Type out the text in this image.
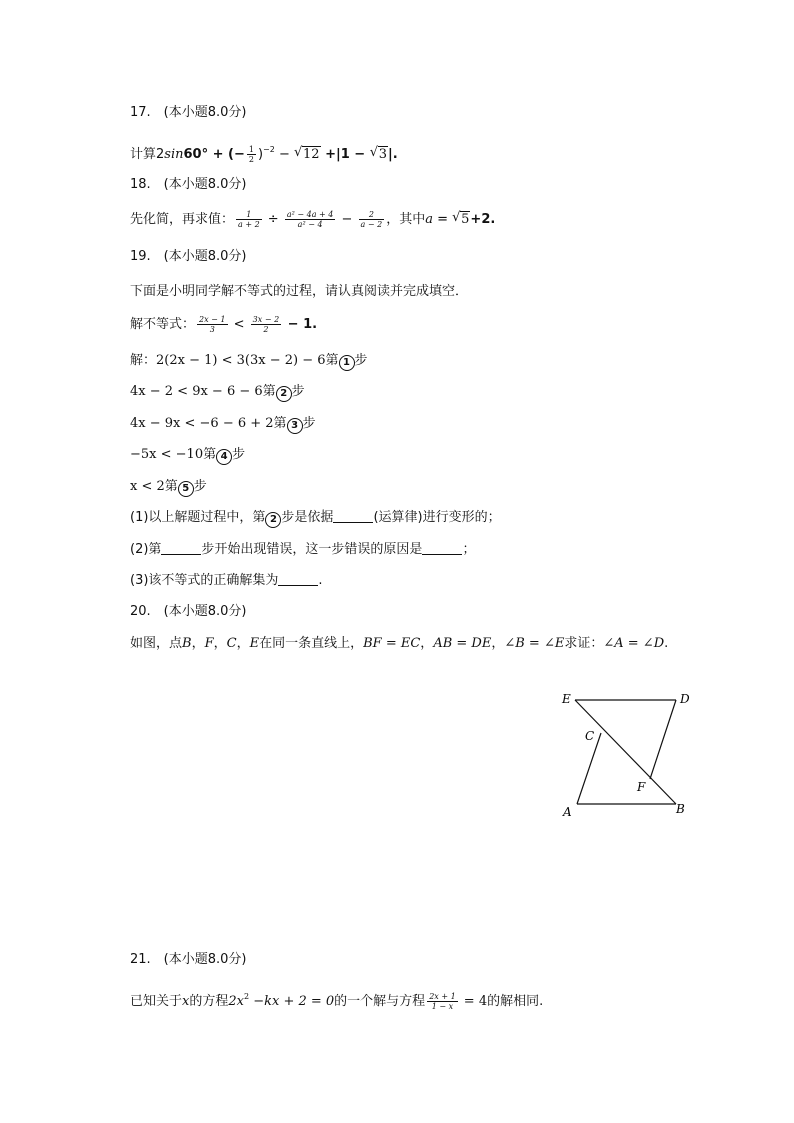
17.　(本小题8.0分)
计算2sin60° + (− $\frac{1}{2} )^{-2}$ − √ 12 +|1 − √ 3|.
18.　(本小题8.0分)
先化简，再求值： $\frac{1}{a + 2} \div \frac{\text{a² − 4a + 4}}{\text{a² − 4}} - \frac{2}{a - 2}$ ，其中a = √ 5+2.
19.　(本小题8.0分)
下面是小明同学解不等式的过程，请认真阅读并完成填空．
解不等式： $\frac{2x - 1}{3} < \frac{3x - 2}{2} - 1$.
解：2(2x − 1) < 3(3x − 2) − 6第 1 步
4x − 2 < 9x − 6 − 6第 2 步
4x − 9x < −6 − 6 + 2第 3 步
−5x < −10第 4 步
x < 2第 5 步
(1)以上解题过程中，第 2 步是依据	(运算律)进行变形的；
(2)第	步开始出现错误，这一步错误的原因是	；
(3)该不等式的正确解集为	.
20.　(本小题8.0分)
如图，点B，F，C，E在同一条直线上，BF = EC，AB = DE，∠B = ∠E求证：∠A = ∠D.
E	D
C
F
A	B
21.　(本小题8.0分)
已知关于x的方程$2x^2 -kx + 2 = 0$的一个解与方程 $\frac{2x + 1}{1 - x} = 4$的解相同.
